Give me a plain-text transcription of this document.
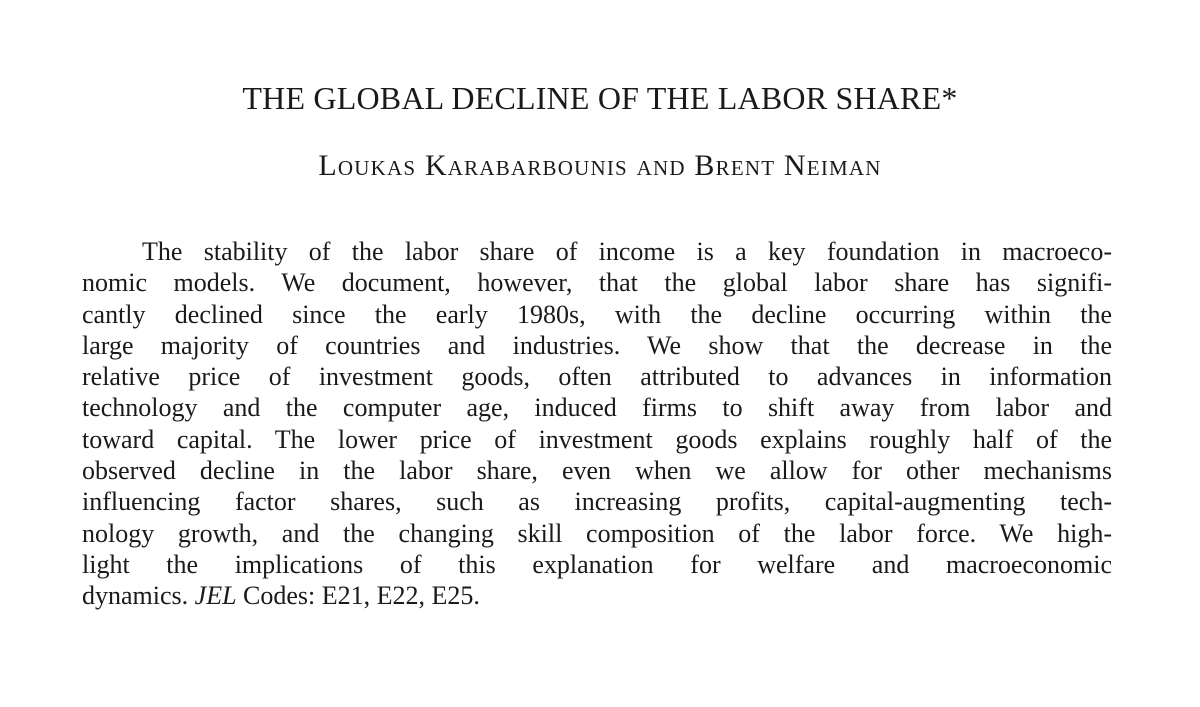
THE GLOBAL DECLINE OF THE LABOR SHARE*
Loukas Karabarbounis and Brent Neiman
The stability of the labor share of income is a key foundation in macroeco-
nomic models. We document, however, that the global labor share has signifi-
cantly declined since the early 1980s, with the decline occurring within the
large majority of countries and industries. We show that the decrease in the
relative price of investment goods, often attributed to advances in information
technology and the computer age, induced firms to shift away from labor and
toward capital. The lower price of investment goods explains roughly half of the
observed decline in the labor share, even when we allow for other mechanisms
influencing factor shares, such as increasing profits, capital-augmenting tech-
nology growth, and the changing skill composition of the labor force. We high-
light the implications of this explanation for welfare and macroeconomic
dynamics. JEL Codes: E21, E22, E25.
